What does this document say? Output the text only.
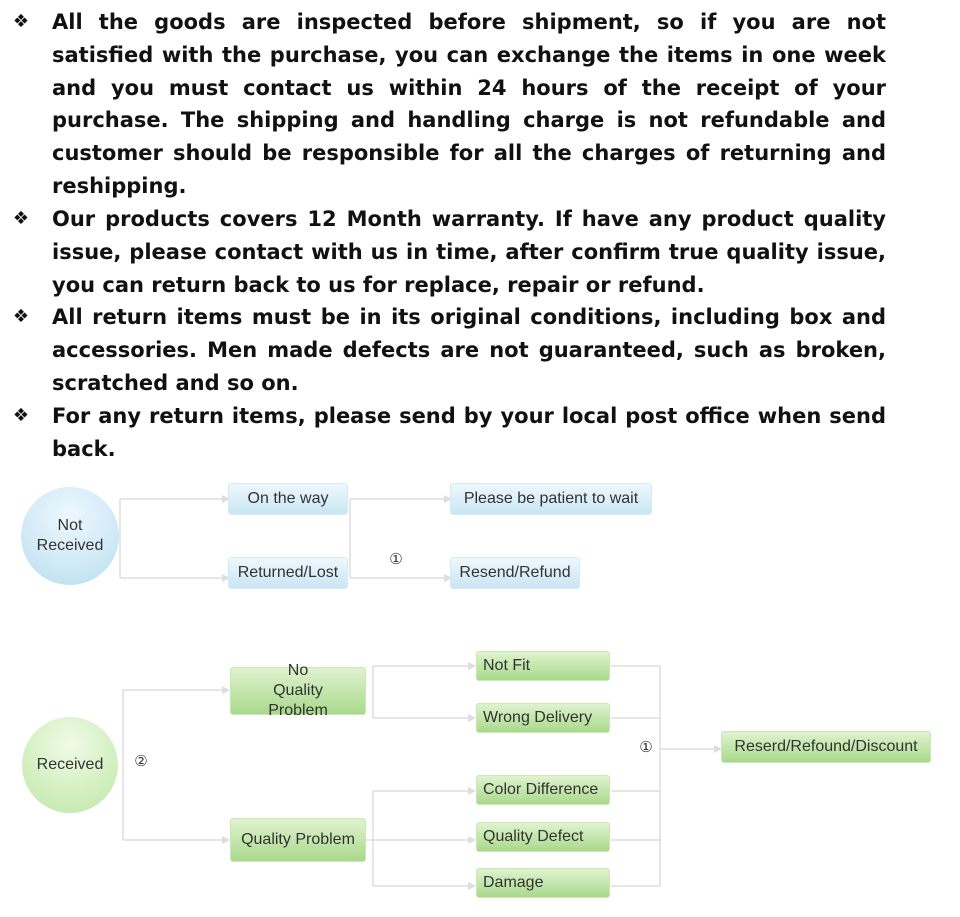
❖ All the goods are inspected before shipment, so if you are not satisfied with the purchase, you can exchange the items in one week and you must contact us within 24 hours of the receipt of your purchase. The shipping and handling charge is not refundable and customer should be responsible for all the charges of returning and reshipping.
❖ Our products covers 12 Month warranty. If have any product quality issue, please contact with us in time, after confirm true quality issue, you can return back to us for replace, repair or refund.
❖ All return items must be in its original conditions, including box and accessories. Men made defects are not guaranteed, such as broken, scratched and so on.
❖ For any return items, please send by your local post office when send back.
Not Received
On the way
Returned/Lost
Please be patient to wait
Resend/Refund
①
Received	②
No Quality Problem
Quality Problem
Not Fit
Wrong Delivery
Color Difference
Quality Defect
Damage
①	Reserd/Refound/Discount
